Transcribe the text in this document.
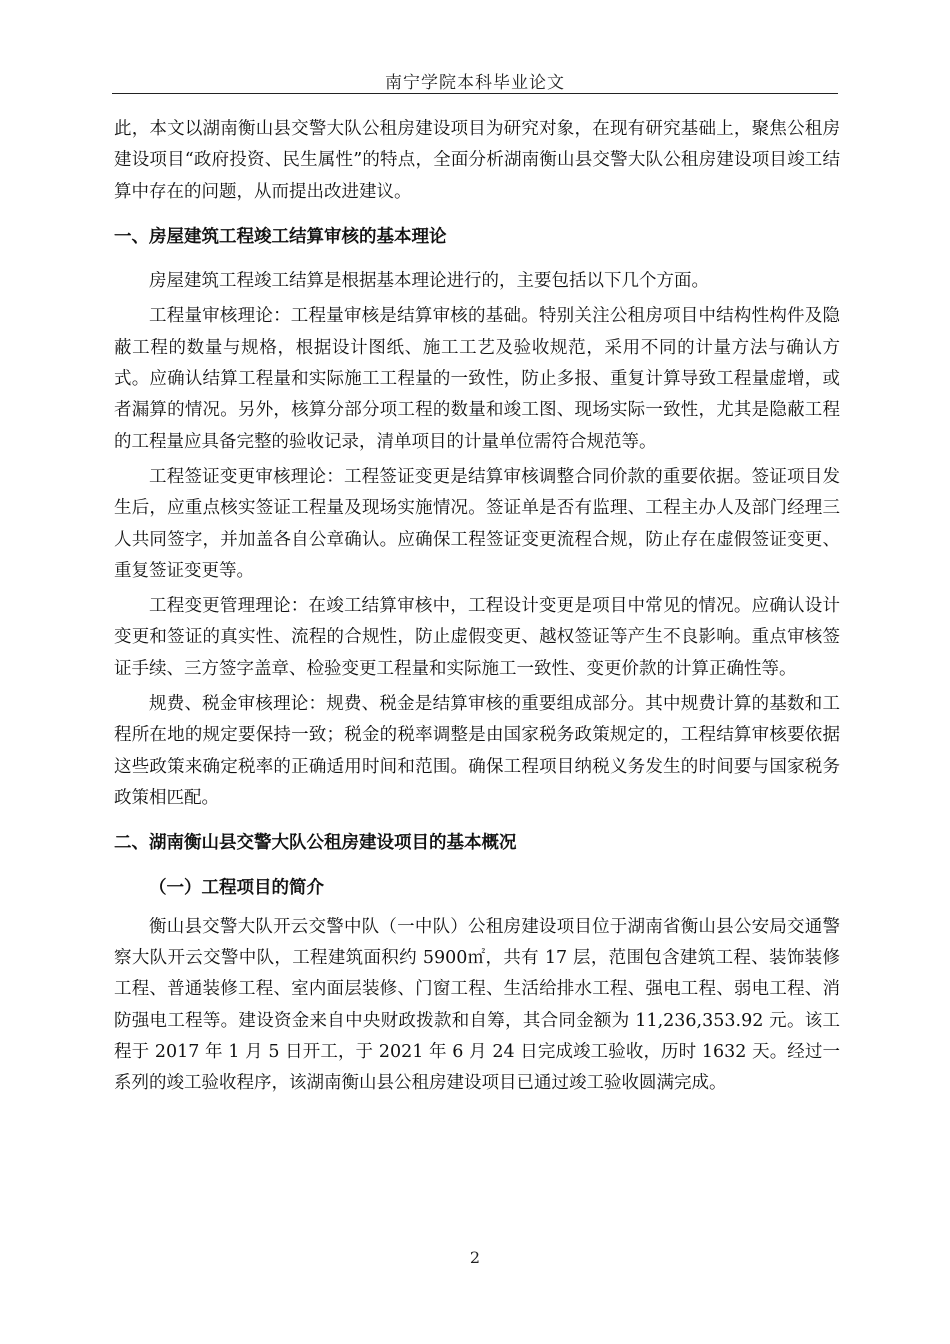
南宁学院本科毕业论文

此，本文以湖南衡山县交警大队公租房建设项目为研究对象，在现有研究基础上，聚焦公租房建设项目“政府投资、民生属性”的特点，全面分析湖南衡山县交警大队公租房建设项目竣工结算中存在的问题，从而提出改进建议。

一、房屋建筑工程竣工结算审核的基本理论

房屋建筑工程竣工结算是根据基本理论进行的，主要包括以下几个方面。

工程量审核理论：工程量审核是结算审核的基础。特别关注公租房项目中结构性构件及隐蔽工程的数量与规格，根据设计图纸、施工工艺及验收规范，采用不同的计量方法与确认方式。应确认结算工程量和实际施工工程量的一致性，防止多报、重复计算导致工程量虚增，或者漏算的情况。另外，核算分部分项工程的数量和竣工图、现场实际一致性，尤其是隐蔽工程的工程量应具备完整的验收记录，清单项目的计量单位需符合规范等。

工程签证变更审核理论：工程签证变更是结算审核调整合同价款的重要依据。签证项目发生后，应重点核实签证工程量及现场实施情况。签证单是否有监理、工程主办人及部门经理三人共同签字，并加盖各自公章确认。应确保工程签证变更流程合规，防止存在虚假签证变更、重复签证变更等。

工程变更管理理论：在竣工结算审核中，工程设计变更是项目中常见的情况。应确认设计变更和签证的真实性、流程的合规性，防止虚假变更、越权签证等产生不良影响。重点审核签证手续、三方签字盖章、检验变更工程量和实际施工一致性、变更价款的计算正确性等。

规费、税金审核理论：规费、税金是结算审核的重要组成部分。其中规费计算的基数和工程所在地的规定要保持一致；税金的税率调整是由国家税务政策规定的，工程结算审核要依据这些政策来确定税率的正确适用时间和范围。确保工程项目纳税义务发生的时间要与国家税务政策相匹配。

二、湖南衡山县交警大队公租房建设项目的基本概况

（一）工程项目的简介

衡山县交警大队开云交警中队（一中队）公租房建设项目位于湖南省衡山县公安局交通警察大队开云交警中队，工程建筑面积约 5900㎡，共有 17 层，范围包含建筑工程、装饰装修工程、普通装修工程、室内面层装修、门窗工程、生活给排水工程、强电工程、弱电工程、消防强电工程等。建设资金来自中央财政拨款和自筹，其合同金额为 11,236,353.92 元。该工程于 2017 年 1 月 5 日开工，于 2021 年 6 月 24 日完成竣工验收，历时 1632 天。经过一系列的竣工验收程序，该湖南衡山县公租房建设项目已通过竣工验收圆满完成。

2
